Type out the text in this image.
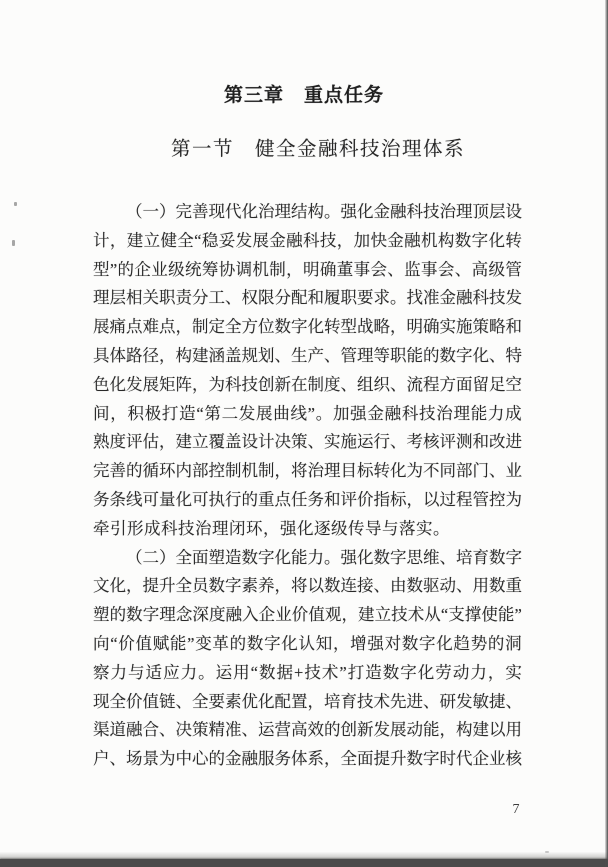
第三章　重点任务
第一节　健全金融科技治理体系
（ 一 ） 完 善 现 代 化 治 理 结 构 。 强 化 金 融 科 技 治 理 顶 层 设
计 ， 建 立 健 全 “ 稳 妥 发 展 金 融 科 技 ， 加 快 金 融 机 构 数 字 化 转
型 ” 的 企 业 级 统 筹 协 调 机 制 ， 明 确 董 事 会 、 监 事 会 、 高 级 管
理 层 相 关 职 责 分 工 、 权 限 分 配 和 履 职 要 求 。 找 准 金 融 科 技 发
展 痛 点 难 点 ， 制 定 全 方 位 数 字 化 转 型 战 略 ， 明 确 实 施 策 略 和
具 体 路 径 ， 构 建 涵 盖 规 划 、 生 产 、 管 理 等 职 能 的 数 字 化 、 特
色 化 发 展 矩 阵 ， 为 科 技 创 新 在 制 度 、 组 织 、 流 程 方 面 留 足 空
间 ， 积 极 打 造 “ 第 二 发 展 曲 线 ” 。 加 强 金 融 科 技 治 理 能 力 成
熟 度 评 估 ， 建 立 覆 盖 设 计 决 策 、 实 施 运 行 、 考 核 评 测 和 改 进
完 善 的 循 环 内 部 控 制 机 制 ， 将 治 理 目 标 转 化 为 不 同 部 门 、 业
务 条 线 可 量 化 可 执 行 的 重 点 任 务 和 评 价 指 标 ， 以 过 程 管 控 为
牵引形成科技治理闭环，强化逐级传导与落实。
（ 二 ） 全 面 塑 造 数 字 化 能 力 。 强 化 数 字 思 维 、 培 育 数 字
文 化 ， 提 升 全 员 数 字 素 养 ， 将 以 数 连 接 、 由 数 驱 动 、 用 数 重
塑 的 数 字 理 念 深 度 融 入 企 业 价 值 观 ， 建 立 技 术 从 “ 支 撑 使 能 ”
向 “ 价 值 赋 能 ” 变 革 的 数 字 化 认 知 ， 增 强 对 数 字 化 趋 势 的 洞
察 力 与 适 应 力 。 运 用 “ 数 据 + 技 术 ” 打 造 数 字 化 劳 动 力 ， 实
现 全 价 值 链 、 全 要 素 优 化 配 置 ， 培 育 技 术 先 进 、 研 发 敏 捷 、
渠 道 融 合 、 决 策 精 准 、 运 营 高 效 的 创 新 发 展 动 能 ， 构 建 以 用
户 、 场 景 为 中 心 的 金 融 服 务 体 系 ， 全 面 提 升 数 字 时 代 企 业 核
7
